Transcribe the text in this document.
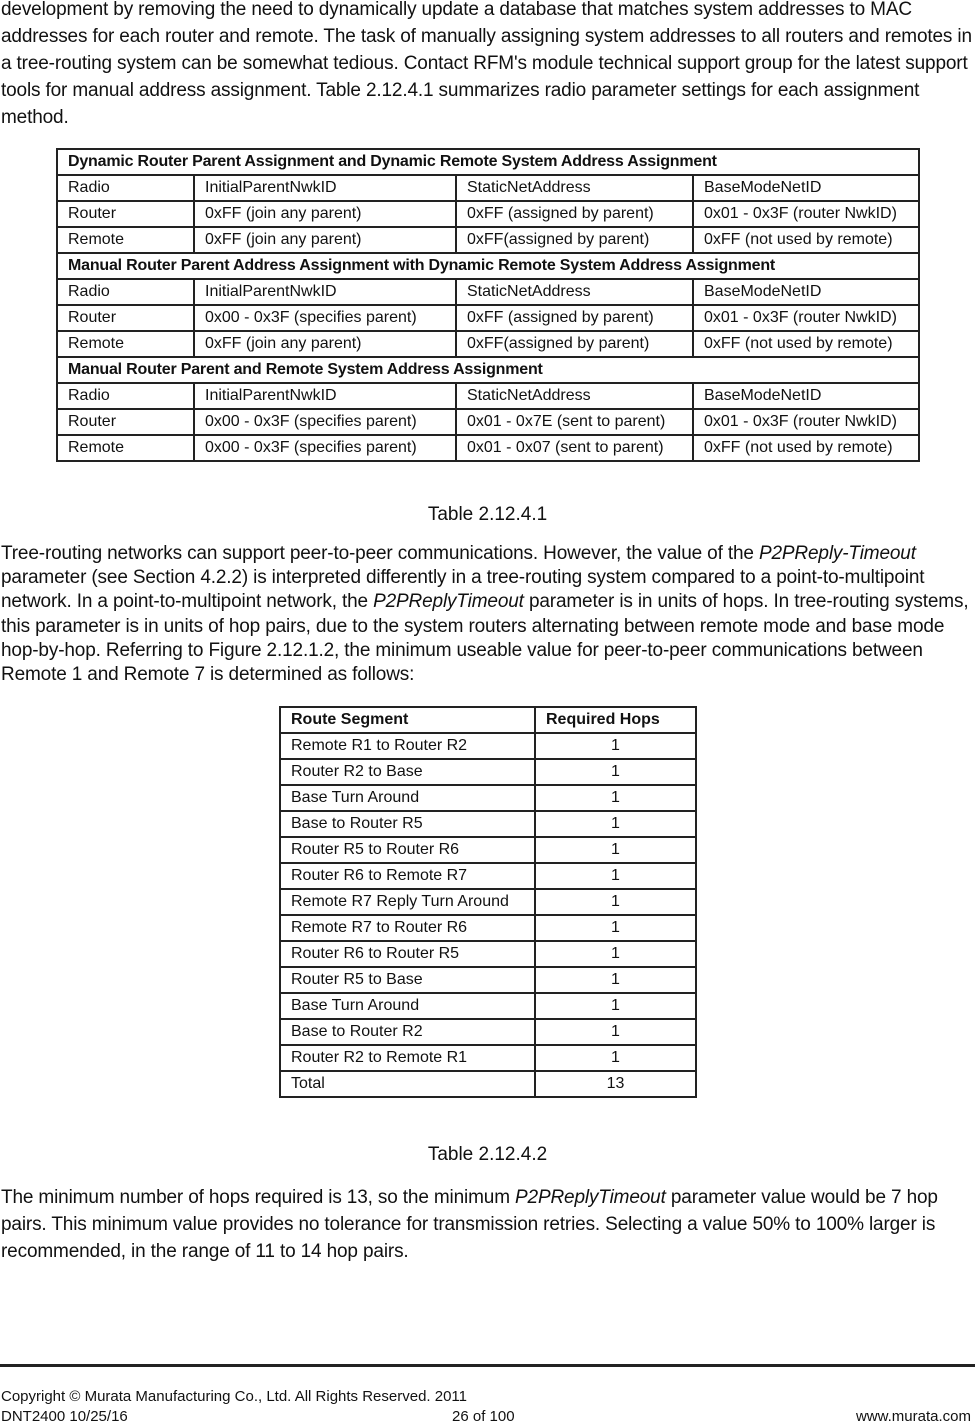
development by removing the need to dynamically update a database that matches system addresses to MAC addresses for each router and remote. The task of manually assigning system addresses to all routers and remotes in a tree-routing system can be somewhat tedious. Contact RFM's module technical support group for the latest support tools for manual address assignment. Table 2.12.4.1 summarizes radio parameter settings for each assignment method.

Dynamic Router Parent Assignment and Dynamic Remote System Address Assignment			
Radio	InitialParentNwkID	StaticNetAddress	BaseModeNetID
Router	0xFF (join any parent)	0xFF (assigned by parent)	0x01 - 0x3F (router NwkID)
Remote	0xFF (join any parent)	0xFF(assigned by parent)	0xFF (not used by remote)
Manual Router Parent Address Assignment with Dynamic Remote System Address Assignment			
Radio	InitialParentNwkID	StaticNetAddress	BaseModeNetID
Router	0x00 - 0x3F (specifies parent)	0xFF (assigned by parent)	0x01 - 0x3F (router NwkID)
Remote	0xFF (join any parent)	0xFF(assigned by parent)	0xFF (not used by remote)
Manual Router Parent and Remote System Address Assignment			
Radio	InitialParentNwkID	StaticNetAddress	BaseModeNetID
Router	0x00 - 0x3F (specifies parent)	0x01 - 0x7E (sent to parent)	0x01 - 0x3F (router NwkID)
Remote	0x00 - 0x3F (specifies parent)	0x01 - 0x07 (sent to parent)	0xFF (not used by remote)
Table 2.12.4.1

Tree-routing networks can support peer-to-peer communications. However, the value of the P2PReply-Timeout parameter (see Section 4.2.2) is interpreted differently in a tree-routing system compared to a point-to-multipoint network. In a point-to-multipoint network, the P2PReplyTimeout parameter is in units of hops. In tree-routing systems, this parameter is in units of hop pairs, due to the system routers alternating between remote mode and base mode hop-by-hop. Referring to Figure 2.12.1.2, the minimum useable value for peer-to-peer communications between Remote 1 and Remote 7 is determined as follows:

Route Segment	Required Hops
Remote R1 to Router R2	1
Router R2 to Base	1
Base Turn Around	1
Base to Router R5	1
Router R5 to Router R6	1
Router R6 to Remote R7	1
Remote R7 Reply Turn Around	1
Remote R7 to Router R6	1
Router R6 to Router R5	1
Router R5 to Base	1
Base Turn Around	1
Base to Router R2	1
Router R2 to Remote R1	1
Total	13
Table 2.12.4.2

The minimum number of hops required is 13, so the minimum P2PReplyTimeout parameter value would be 7 hop pairs. This minimum value provides no tolerance for transmission retries. Selecting a value 50% to 100% larger is recommended, in the range of 11 to 14 hop pairs.

Copyright © Murata Manufacturing Co., Ltd. All Rights Reserved. 2011
DNT2400 10/25/16	26 of 100	www.murata.com
